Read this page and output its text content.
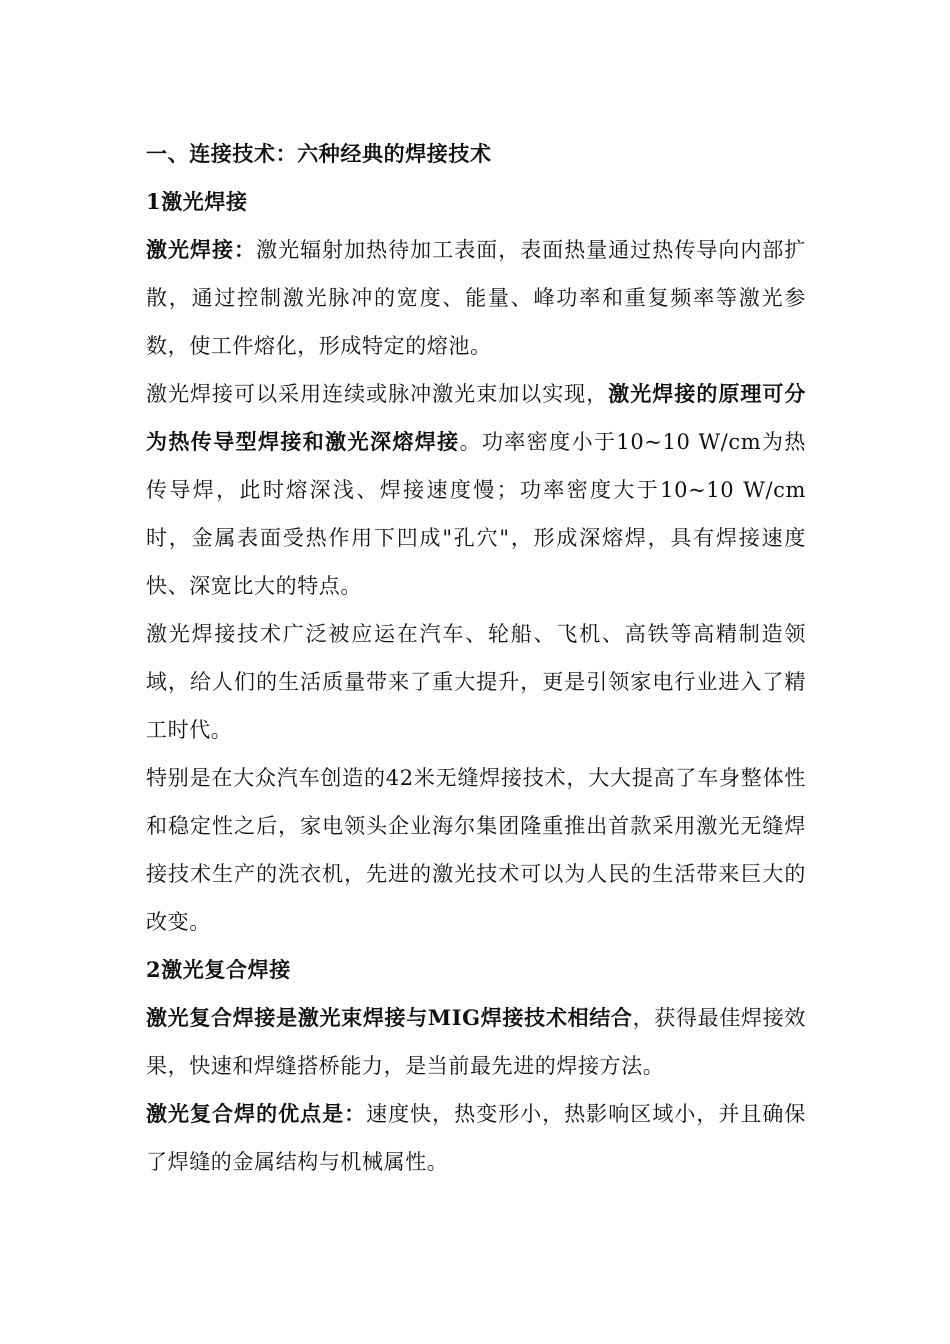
一、连接技术：六种经典的焊接技术
1激光焊接

激光焊接：激光辐射加热待加工表面，表面热量通过热传导向内部扩散，通过控制激光脉冲的宽度、能量、峰功率和重复频率等激光参数，使工件熔化，形成特定的熔池。

激光焊接可以采用连续或脉冲激光束加以实现，激光焊接的原理可分为热传导型焊接和激光深熔焊接。功率密度小于10~10 W/cm为热传导焊，此时熔深浅、焊接速度慢；功率密度大于10~10 W/cm时，金属表面受热作用下凹成"孔穴"，形成深熔焊，具有焊接速度快、深宽比大的特点。

激光焊接技术广泛被应运在汽车、轮船、飞机、高铁等高精制造领域，给人们的生活质量带来了重大提升，更是引领家电行业进入了精工时代。

特别是在大众汽车创造的42米无缝焊接技术，大大提高了车身整体性和稳定性之后，家电领头企业海尔集团隆重推出首款采用激光无缝焊接技术生产的洗衣机，先进的激光技术可以为人民的生活带来巨大的改变。

2激光复合焊接

激光复合焊接是激光束焊接与MIG焊接技术相结合，获得最佳焊接效果，快速和焊缝搭桥能力，是当前最先进的焊接方法。

激光复合焊的优点是：速度快，热变形小，热影响区域小，并且确保了焊缝的金属结构与机械属性。
